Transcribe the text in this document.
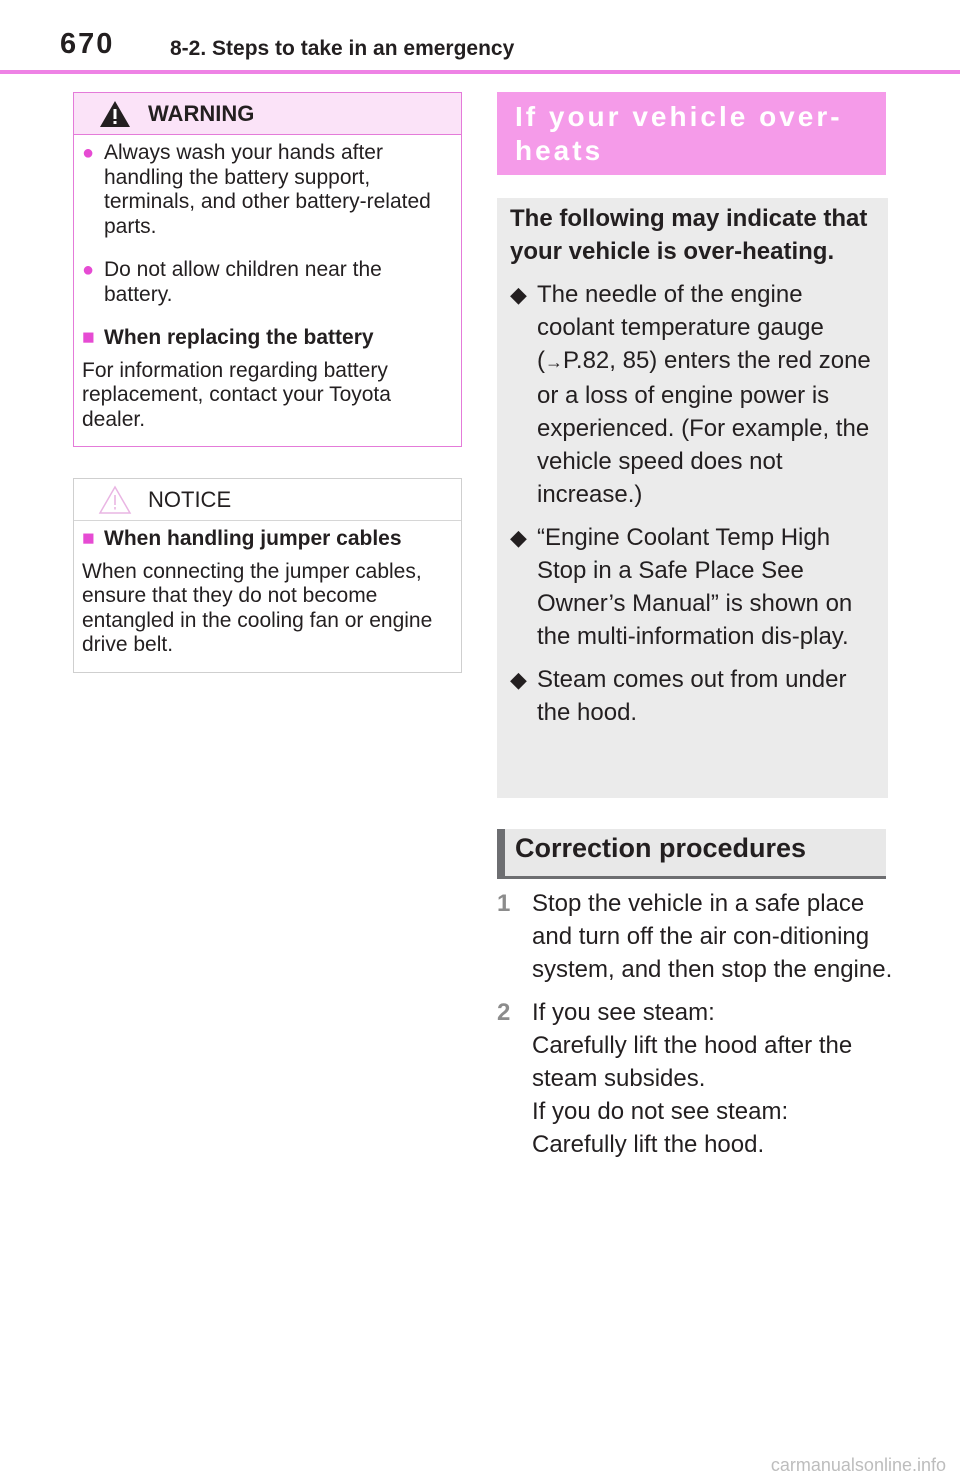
670	8-2. Steps to take in an emergency
WARNING
● Always wash your hands after handling the battery support, terminals, and other battery-related parts.
● Do not allow children near the battery.
■ When replacing the battery

For information regarding battery replacement, contact your Toyota dealer.

NOTICE
■ When handling jumper cables

When connecting the jumper cables, ensure that they do not become entangled in the cooling fan or engine drive belt.

If your vehicle over-heats

The following may indicate that your vehicle is over-heating.

◆ The needle of the engine coolant temperature gauge (→P.82, 85) enters the red zone or a loss of engine power is experienced. (For example, the vehicle speed does not increase.)
◆ “Engine Coolant Temp High Stop in a Safe Place See Owner’s Manual” is shown on the multi-information dis-play.
◆ Steam comes out from under the hood.
Correction procedures
1 Stop the vehicle in a safe place and turn off the air con-ditioning system, and then stop the engine.
2 If you see steam:
Carefully lift the hood after the steam subsides.
If you do not see steam:
Carefully lift the hood.
carmanualsonline.info
